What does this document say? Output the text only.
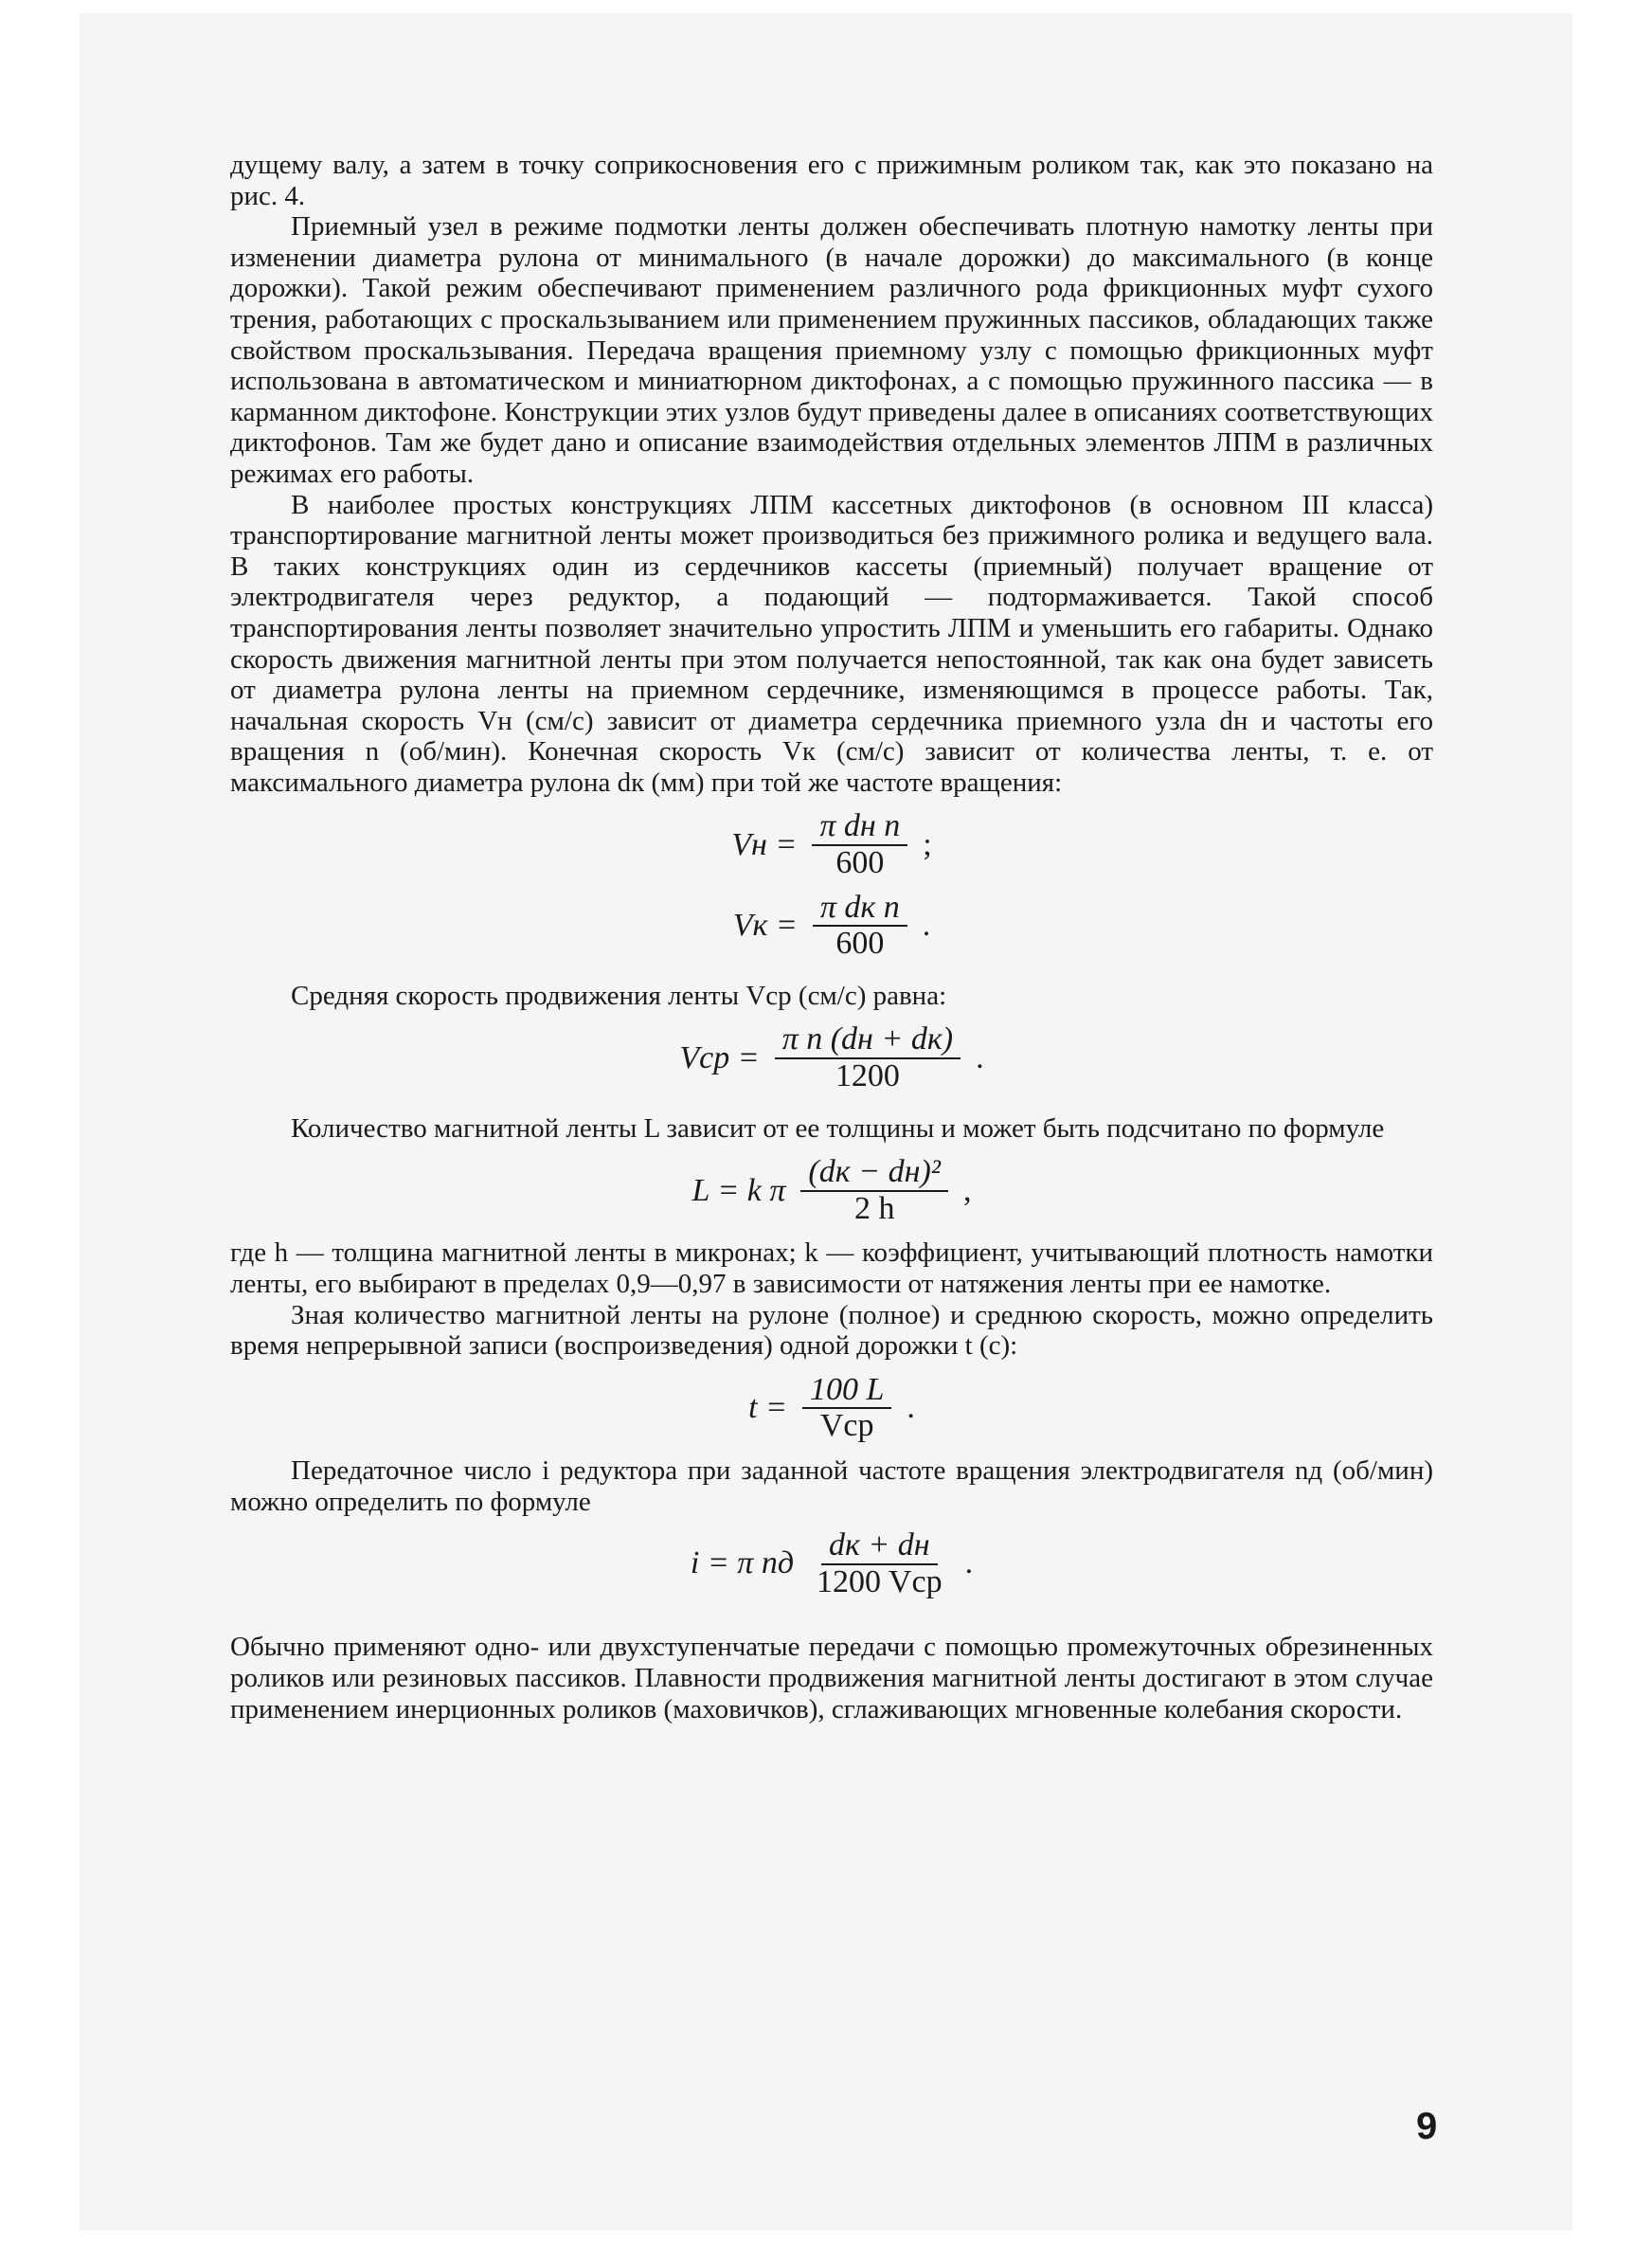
дущему валу, а затем в точку соприкосновения его с прижимным роликом так, как это показано на рис. 4.

Приемный узел в режиме подмотки ленты должен обеспечивать плотную намотку ленты при изменении диаметра рулона от минимального (в начале дорожки) до максимального (в конце дорожки). Такой режим обеспечивают применением различного рода фрикционных муфт сухого трения, работающих с проскальзыванием или применением пружинных пассиков, обладающих также свойством проскальзывания. Передача вращения приемному узлу с помощью фрикционных муфт использована в автоматическом и миниатюрном диктофонах, а с помощью пружинного пассика — в карманном диктофоне. Конструкции этих узлов будут приведены далее в описаниях соответствующих диктофонов. Там же будет дано и описание взаимодействия отдельных элементов ЛПМ в различных режимах его работы.

В наиболее простых конструкциях ЛПМ кассетных диктофонов (в основном III класса) транспортирование магнитной ленты может производиться без прижимного ролика и ведущего вала. В таких конструкциях один из сердечников кассеты (приемный) получает вращение от электродвигателя через редуктор, а подающий — подтормаживается. Такой способ транспортирования ленты позволяет значительно упростить ЛПМ и уменьшить его габариты. Однако скорость движения магнитной ленты при этом получается непостоянной, так как она будет зависеть от диаметра рулона ленты на приемном сердечнике, изменяющимся в процессе работы. Так, начальная скорость Vн (см/с) зависит от диаметра сердечника приемного узла dн и частоты его вращения n (об/мин). Конечная скорость Vк (см/с) зависит от количества ленты, т. е. от максимального диаметра рулона dк (мм) при той же частоте вращения:

Vн = $\frac{\text{π dн n}}{600}$ ;
Vк = $\frac{\text{π dк n}}{600}$ .

Средняя скорость продвижения ленты Vср (см/с) равна:

Vср = $\frac{\text{π n (dн + dк)}}{1200}$ .

Количество магнитной ленты L зависит от ее толщины и может быть подсчитано по формуле

L = k π $\frac{\text{(dк − dн)²}}{2 h}$ ,

где h — толщина магнитной ленты в микронах; k — коэффициент, учитывающий плотность намотки ленты, его выбирают в пределах 0,9—0,97 в зависимости от натяжения ленты при ее намотке.

Зная количество магнитной ленты на рулоне (полное) и среднюю скорость, можно определить время непрерывной записи (воспроизведения) одной дорожки t (с):

$t = \frac{100 L}{\text{Vср}}$ .

Передаточное число i редуктора при заданной частоте вращения электродвигателя nд (об/мин) можно определить по формуле

i = π nд $\frac{dк + dн}{\text{1200 Vср}}$ .

Обычно применяют одно- или двухступенчатые передачи с помощью промежуточных обрезиненных роликов или резиновых пассиков. Плавности продвижения магнитной ленты достигают в этом случае применением инерционных роликов (маховичков), сглаживающих мгновенные колебания скорости.

9
